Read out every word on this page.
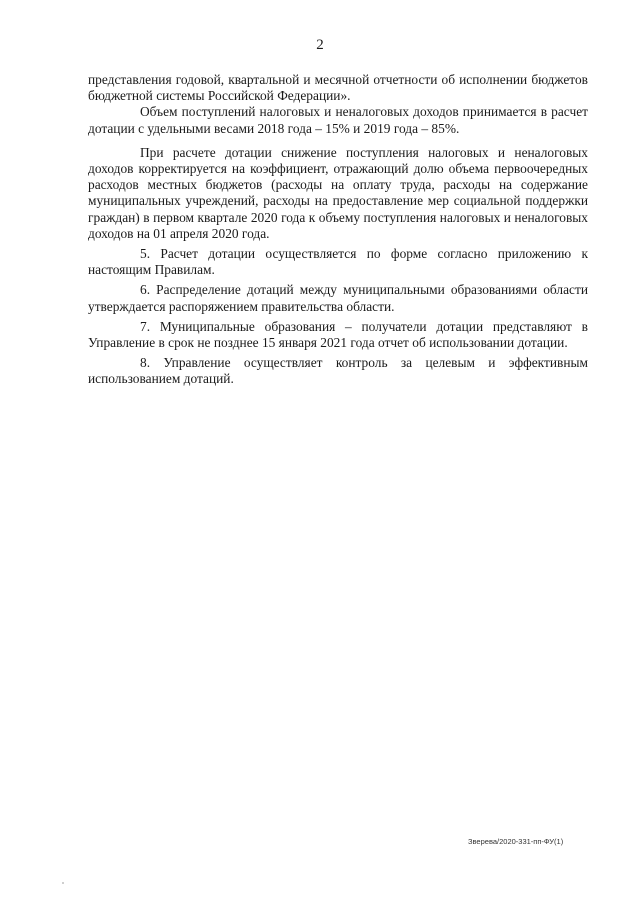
2

представления годовой, квартальной и месячной отчетности об исполнении бюджетов бюджетной системы Российской Федерации».

Объем поступлений налоговых и неналоговых доходов принимается в расчет дотации с удельными весами 2018 года – 15% и 2019 года – 85%.

При расчете дотации снижение поступления налоговых и неналоговых доходов корректируется на коэффициент, отражающий долю объема первоочередных расходов местных бюджетов (расходы на оплату труда, расходы на содержание муниципальных учреждений, расходы на предоставление мер социальной поддержки граждан) в первом квартале 2020 года к объему поступления налоговых и неналоговых доходов на 01 апреля 2020 года.

5. Расчет дотации осуществляется по форме согласно приложению к настоящим Правилам.

6. Распределение дотаций между муниципальными образованиями области утверждается распоряжением правительства области.

7. Муниципальные образования – получатели дотации представляют в Управление в срок не позднее 15 января 2021 года отчет об использовании дотации.

8. Управление осуществляет контроль за целевым и эффективным использованием дотаций.

Зверева/2020-331-пп-ФУ(1)
